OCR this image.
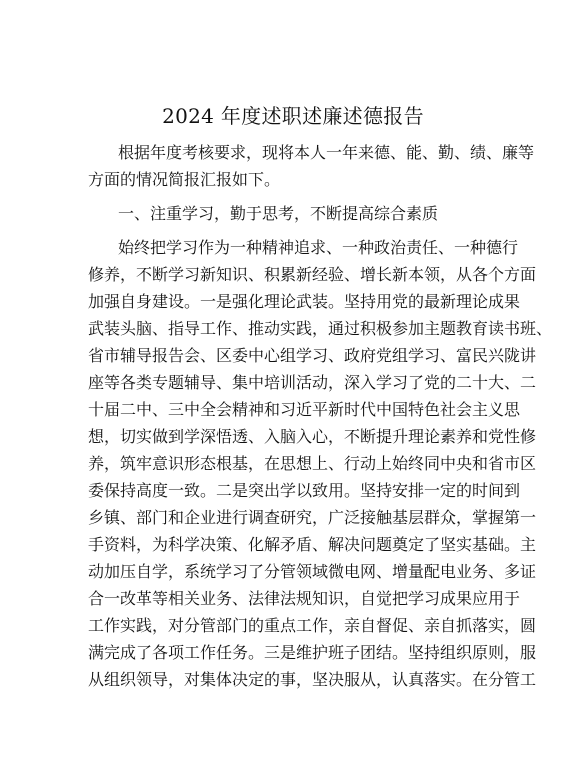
2024 年度述职述廉述德报告
根据年度考核要求，现将本人一年来德、能、勤、绩、廉等
方面的情况简报汇报如下。
一、注重学习，勤于思考，不断提高综合素质
始终把学习作为一种精神追求、一种政治责任、一种德行
修养，不断学习新知识、积累新经验、增长新本领，从各个方面
加强自身建设。一是强化理论武装。坚持用党的最新理论成果
武装头脑、指导工作、推动实践，通过积极参加主题教育读书班、
省市辅导报告会、区委中心组学习、政府党组学习、富民兴陇讲
座等各类专题辅导、集中培训活动，深入学习了党的二十大、二
十届二中、三中全会精神和习近平新时代中国特色社会主义思
想，切实做到学深悟透、入脑入心，不断提升理论素养和党性修
养，筑牢意识形态根基，在思想上、行动上始终同中央和省市区
委保持高度一致。二是突出学以致用。坚持安排一定的时间到
乡镇、部门和企业进行调查研究，广泛接触基层群众，掌握第一
手资料，为科学决策、化解矛盾、解决问题奠定了坚实基础。主
动加压自学，系统学习了分管领域微电网、增量配电业务、多证
合一改革等相关业务、法律法规知识，自觉把学习成果应用于
工作实践，对分管部门的重点工作，亲自督促、亲自抓落实，圆
满完成了各项工作任务。三是维护班子团结。坚持组织原则，服
从组织领导，对集体决定的事，坚决服从，认真落实。在分管工
